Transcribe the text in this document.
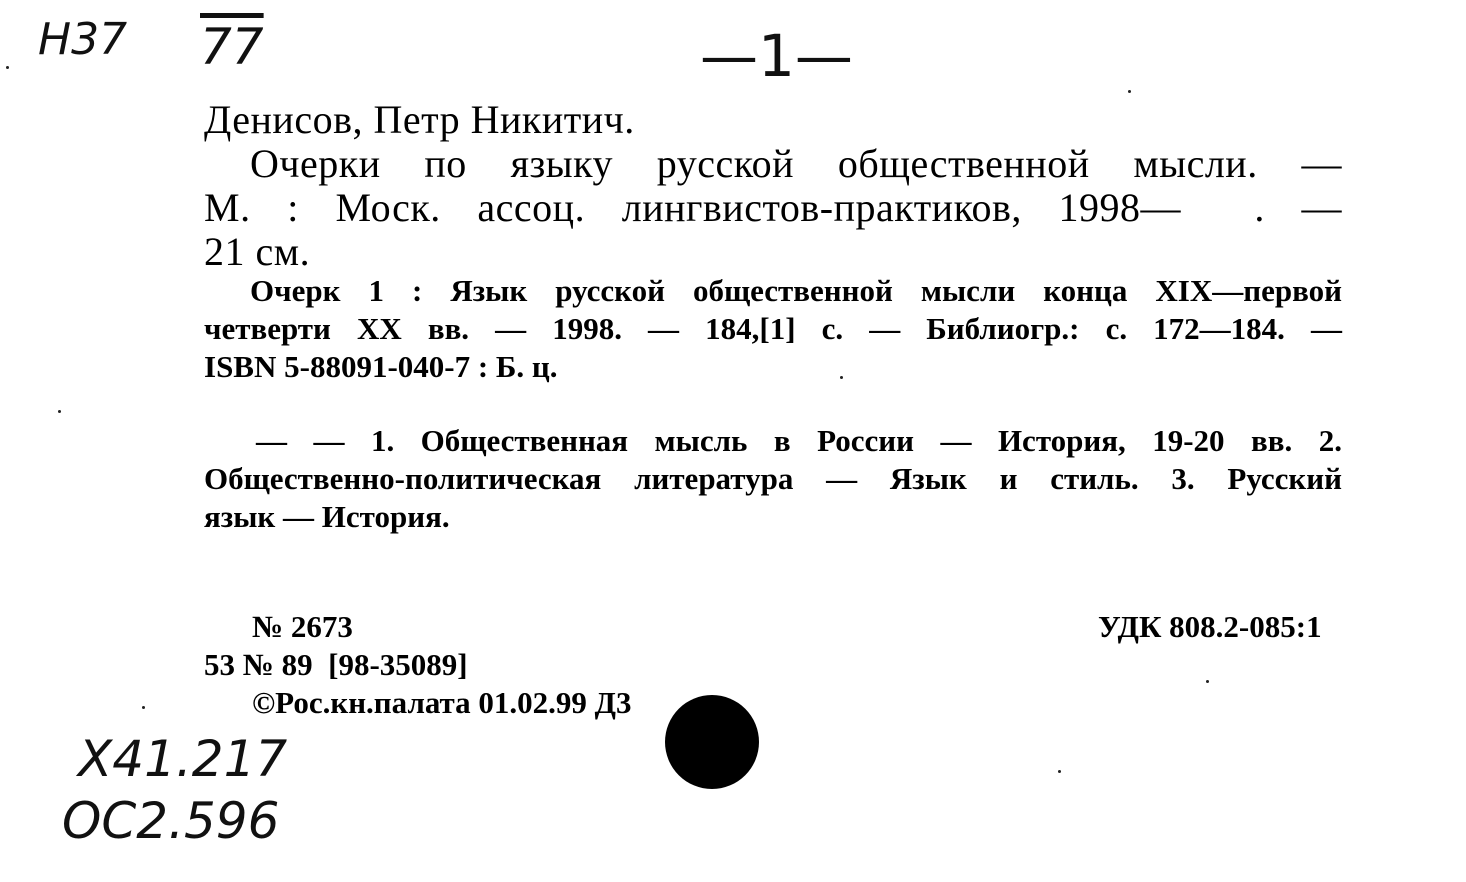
Н37 77	—1—
Денисов, Петр Никитич.
Очерки по языку русской общественной мысли. —
М. : Моск. ассоц. лингвистов-практиков, 1998—  . —
21 см.
Очерк 1 : Язык русской общественной мысли конца XIX—первой
четверти XX вв. — 1998. — 184,[1] с. — Библиогр.: с. 172—184. —
ISBN 5-88091-040-7 : Б. ц.
— — 1. Общественная мысль в России — История, 19-20 вв. 2.
Общественно-политическая литература — Язык и стиль. 3. Русский
язык — История.
№ 2673	УДК 808.2-085:1
53 № 89  [98-35089]
©Рос.кн.палата 01.02.99 Д3
X41.217
ОС2.596
